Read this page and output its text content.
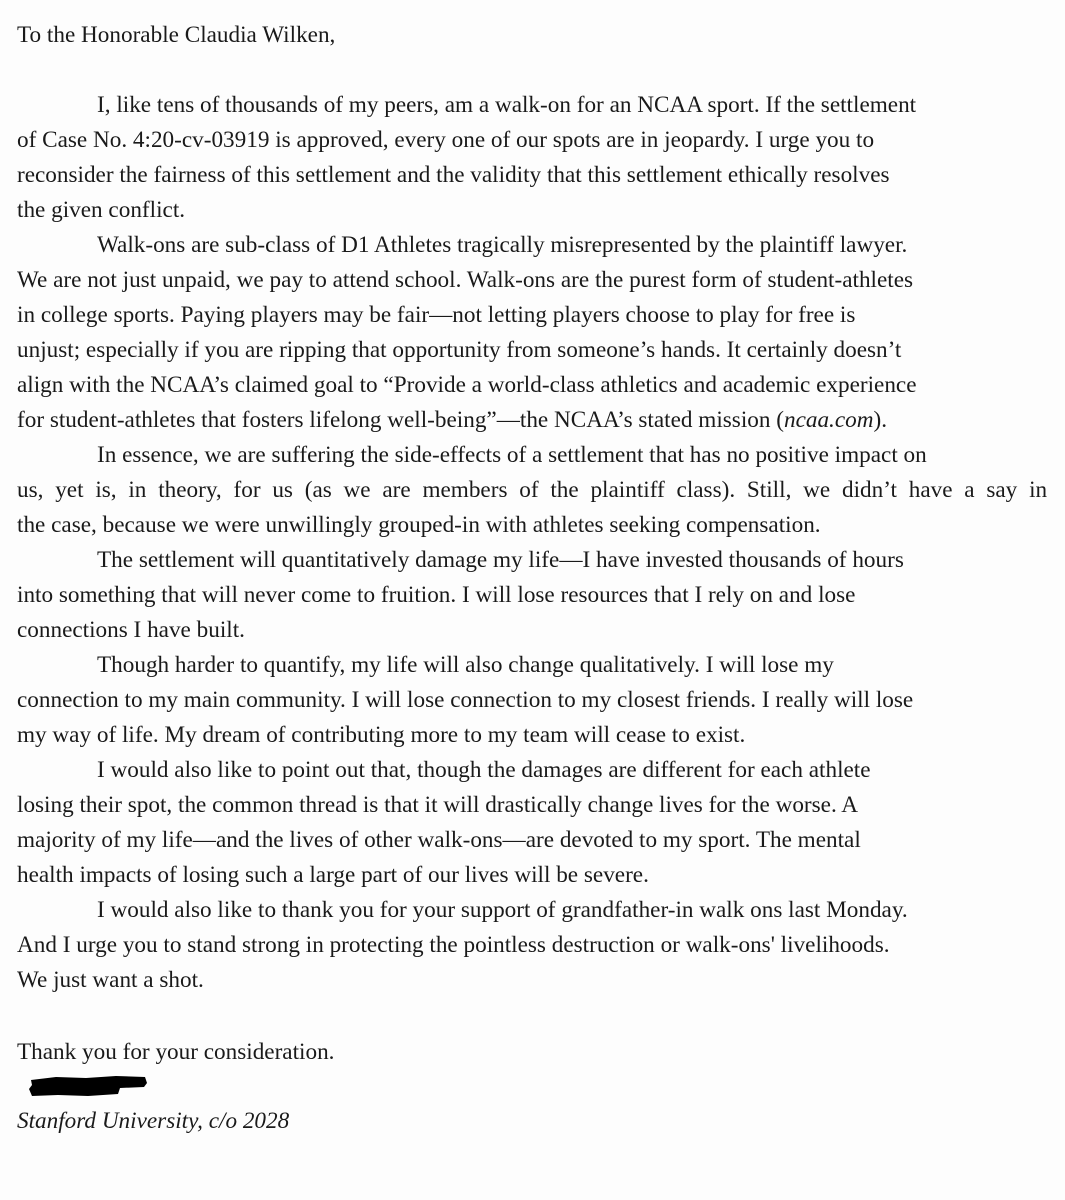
To the Honorable Claudia Wilken,

I, like tens of thousands of my peers, am a walk-on for an NCAA sport. If the settlement
of Case No. 4:20-cv-03919 is approved, every one of our spots are in jeopardy. I urge you to
reconsider the fairness of this settlement and the validity that this settlement ethically resolves
the given conflict.

Walk-ons are sub-class of D1 Athletes tragically misrepresented by the plaintiff lawyer.
We are not just unpaid, we pay to attend school. Walk-ons are the purest form of student-athletes
in college sports. Paying players may be fair—not letting players choose to play for free is
unjust; especially if you are ripping that opportunity from someone’s hands. It certainly doesn’t
align with the NCAA’s claimed goal to “Provide a world-class athletics and academic experience
for student-athletes that fosters lifelong well-being”—the NCAA’s stated mission (ncaa.com).

In essence, we are suffering the side-effects of a settlement that has no positive impact on
us, yet is, in theory, for us (as we are members of the plaintiff class). Still, we didn’t have a say in
the case, because we were unwillingly grouped-in with athletes seeking compensation.

The settlement will quantitatively damage my life—I have invested thousands of hours
into something that will never come to fruition. I will lose resources that I rely on and lose
connections I have built.

Though harder to quantify, my life will also change qualitatively. I will lose my
connection to my main community. I will lose connection to my closest friends. I really will lose
my way of life. My dream of contributing more to my team will cease to exist.

I would also like to point out that, though the damages are different for each athlete
losing their spot, the common thread is that it will drastically change lives for the worse. A
majority of my life—and the lives of other walk-ons—are devoted to my sport. The mental
health impacts of losing such a large part of our lives will be severe.

I would also like to thank you for your support of grandfather-in walk ons last Monday.
And I urge you to stand strong in protecting the pointless destruction or walk-ons' livelihoods.
We just want a shot.

Thank you for your consideration.

Stanford University, c/o 2028
